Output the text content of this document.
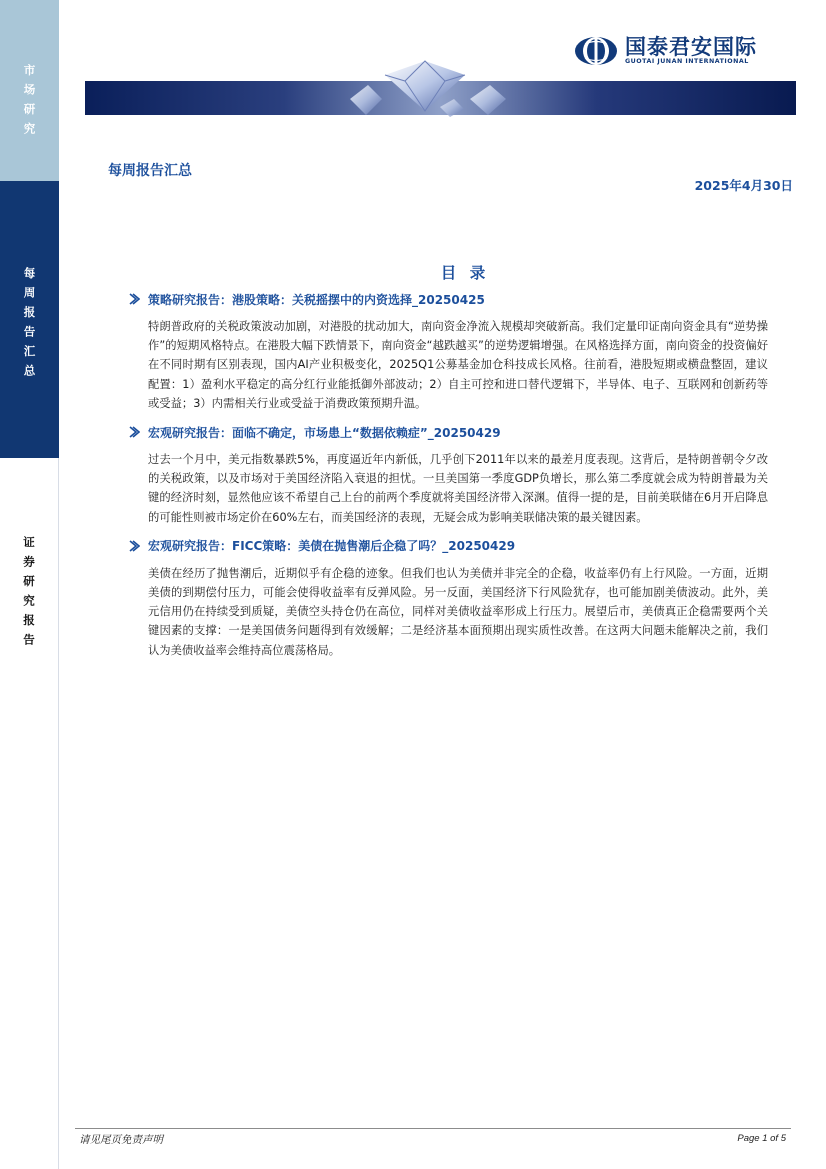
市场研究
每周报告汇总
证券研究报告
国泰君安国际
GUOTAI JUNAN INTERNATIONAL
每周报告汇总
2025年4月30日
目 录
策略研究报告：港股策略：关税摇摆中的内资选择_20250425
特朗普政府的关税政策波动加剧，对港股的扰动加大，南向资金净流入规模却突破新高。我们定量印证南向资金具有“逆势操作”的短期风格特点。在港股大幅下跌情景下，南向资金“越跌越买”的逆势逻辑增强。在风格选择方面，南向资金的投资偏好在不同时期有区别表现，国内AI产业积极变化，2025Q1公募基金加仓科技成长风格。往前看，港股短期或横盘整固，建议配置：1）盈利水平稳定的高分红行业能抵御外部波动；2）自主可控和进口替代逻辑下，半导体、电子、互联网和创新药等或受益；3）内需相关行业或受益于消费政策预期升温。
宏观研究报告：面临不确定，市场患上“数据依赖症”_20250429
过去一个月中，美元指数暴跌5%，再度逼近年内新低，几乎创下2011年以来的最差月度表现。这背后，是特朗普朝令夕改的关税政策，以及市场对于美国经济陷入衰退的担忧。一旦美国第一季度GDP负增长，那么第二季度就会成为特朗普最为关键的经济时刻，显然他应该不希望自己上台的前两个季度就将美国经济带入深渊。值得一提的是，目前美联储在6月开启降息的可能性则被市场定价在60%左右，而美国经济的表现，无疑会成为影响美联储决策的最关键因素。
宏观研究报告：FICC策略：美债在抛售潮后企稳了吗？_20250429
美债在经历了抛售潮后，近期似乎有企稳的迹象。但我们也认为美债并非完全的企稳，收益率仍有上行风险。一方面，近期美债的到期偿付压力，可能会使得收益率有反弹风险。另一反面，美国经济下行风险犹存，也可能加剧美债波动。此外，美元信用仍在持续受到质疑，美债空头持仓仍在高位，同样对美债收益率形成上行压力。展望后市，美债真正企稳需要两个关键因素的支撑：一是美国债务问题得到有效缓解；二是经济基本面预期出现实质性改善。在这两大问题未能解决之前，我们认为美债收益率会维持高位震荡格局。
请见尾页免责声明	Page 1 of 5
